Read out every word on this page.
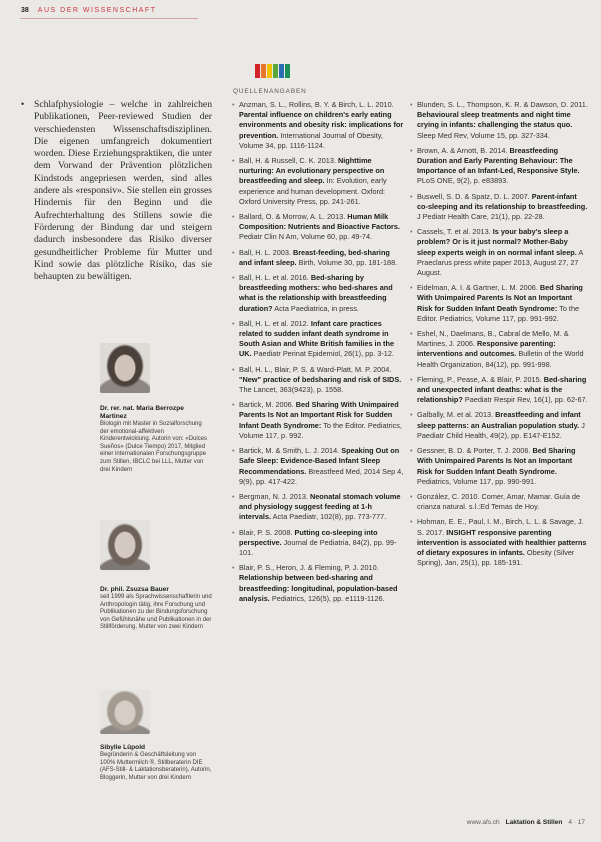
38 AUS DER WISSENSCHAFT
QUELLENANGABEN
• Schlafphysiologie – welche in zahlreichen Publikationen, Peer-reviewed Studien der verschiedensten Wissenschaftsdisziplinen. Die eigenen umfangreich dokumentiert worden. Diese Erziehungspraktiken, die unter dem Vorwand der Prävention plötzlichen Kindstods angepriesen werden, sind alles andere als «responsiv». Sie stellen ein grosses Hindernis für den Beginn und die Aufrechterhaltung des Stillens sowie die Förderung der Bindung dar und steigern dadurch insbesondere das Risiko diverser gesundheitlicher Probleme für Mutter und Kind sowie das plötzliche Risiko, das sie behaupten zu bewältigen.

Dr. rer. nat. Maria Berrozpe Martinez
Biologin mit Master in Sozialforschung der emotional-affektiven Kinderentwicklung. Autorin von: «Dulces Sueños» (Dulce Tiempo) 2017, Mitglied einer internationalen Forschungsgruppe zum Stillen, IBCLC bei LLL, Mutter von drei Kindern
Dr. phil. Zsuzsa Bauer
seit 1999 als Sprachwissenschaftlerin und Anthropologin tätig, ihre Forschung und Publikationen zu der Bindungsforschung von Gefühlsnähe und Publikationen in der Stillförderung, Mutter von zwei Kindern
Sibylle Lüpold
Begründerin & Geschäftsleitung von 100% Muttermilch ®, Stillberaterin DIE (AFS-Still- & Laktationsberaterin), Autorin, Bloggerin, Mutter von drei Kindern
• Anzman, S. L., Rollins, B. Y. & Birch, L. L. 2010. Parental influence on children's early eating environments and obesity risk: implications for prevention. International Journal of Obesity, Volume 34, pp. 1116-1124.
• Ball, H. & Russell, C. K. 2013. Nighttime nurturing: An evolutionary perspective on breastfeeding and sleep. In: Evolution, early experience and human development. Oxford: Oxford University Press, pp. 241-261.
• Ballard, O. & Morrow, A. L. 2013. Human Milk Composition: Nutrients and Bioactive Factors. Pediatr Clin N Am, Volume 60, pp. 49-74.
• Ball, H. L. 2003. Breast-feeding, bed-sharing and infant sleep. Birth, Volume 30, pp. 181-188.
• Ball, H. L. et al. 2016. Bed-sharing by breastfeeding mothers: who bed-shares and what is the relationship with breastfeeding duration? Acta Paediatrica, in press.
• Ball, H. L. et al. 2012. Infant care practices related to sudden infant death syndrome in South Asian and White British families in the UK. Paediatr Perinat Epidemiol, 26(1), pp. 3-12.
• Ball, H. L., Blair, P. S. & Ward-Platt, M. P. 2004. "New" practice of bedsharing and risk of SIDS. The Lancet, 363(9423), p. 1558.
• Bartick, M. 2006. Bed Sharing With Unimpaired Parents Is Not an Important Risk for Sudden Infant Death Syndrome: To the Editor. Pediatrics, Volume 117, p. 992.
• Bartick, M. & Smith, L. J. 2014. Speaking Out on Safe Sleep: Evidence-Based Infant Sleep Recommendations. Breastfeed Med, 2014 Sep 4, 9(9), pp. 417-422.
• Bergman, N. J. 2013. Neonatal stomach volume and physiology suggest feeding at 1-h intervals. Acta Paediatr, 102(8), pp. 773-777.
• Blair, P. S. 2008. Putting co-sleeping into perspective. Journal de Pediatria, 84(2), pp. 99-101.
• Blair, P. S., Heron, J. & Fleming, P. J. 2010. Relationship between bed-sharing and breastfeeding: longitudinal, population-based analysis. Pediatrics, 126(5), pp. e1119-1126.
• Blunden, S. L., Thompson, K. R. & Dawson, D. 2011. Behavioural sleep treatments and night time crying in infants: challenging the status quo. Sleep Med Rev, Volume 15, pp. 327-334.
• Brown, A. & Arnott, B. 2014. Breastfeeding Duration and Early Parenting Behaviour: The Importance of an Infant-Led, Responsive Style. PLoS ONE, 9(2), p. e83893.
• Buswell, S. D. & Spatz, D. L. 2007. Parent-infant co-sleeping and its relationship to breastfeeding. J Pediatr Health Care, 21(1), pp. 22-28.
• Cassels, T. et al. 2013. Is your baby's sleep a problem? Or is it just normal? Mother-Baby sleep experts weigh in on normal infant sleep. A Praeclarus press white paper 2013, August 27, 27 August.
• Eidelman, A. I. & Gartner, L. M. 2006. Bed Sharing With Unimpaired Parents Is Not an Important Risk for Sudden Infant Death Syndrome: To the Editor. Pediatrics, Volume 117, pp. 991-992.
• Eshel, N., Daelmans, B., Cabral de Mello, M. & Martines, J. 2006. Responsive parenting: interventions and outcomes. Bulletin of the World Health Organization, 84(12), pp. 991-998.
• Fleming, P., Pease, A. & Blair, P. 2015. Bed-sharing and unexpected infant deaths: what is the relationship? Paediatr Respir Rev, 16(1), pp. 62-67.
• Galbally, M. et al. 2013. Breastfeeding and infant sleep patterns: an Australian population study. J Paediatr Child Health, 49(2), pp. E147-E152.
• Gessner, B. D. & Porter, T. J. 2006. Bed Sharing With Unimpaired Parents Is Not an Important Risk for Sudden Infant Death Syndrome. Pediatrics, Volume 117, pp. 990-991.
• González, C. 2010. Comer, Amar, Mamar. Guía de crianza natural. s.l.:Ed Temas de Hoy.
• Hohman, E. E., Paul, I. M., Birch, L. L. & Savage, J. S. 2017. INSIGHT responsive parenting intervention is associated with healthier patterns of dietary exposures in infants. Obesity (Silver Spring), Jan, 25(1), pp. 185-191.
www.afs.ch Laktation & Stillen 4 · 17
